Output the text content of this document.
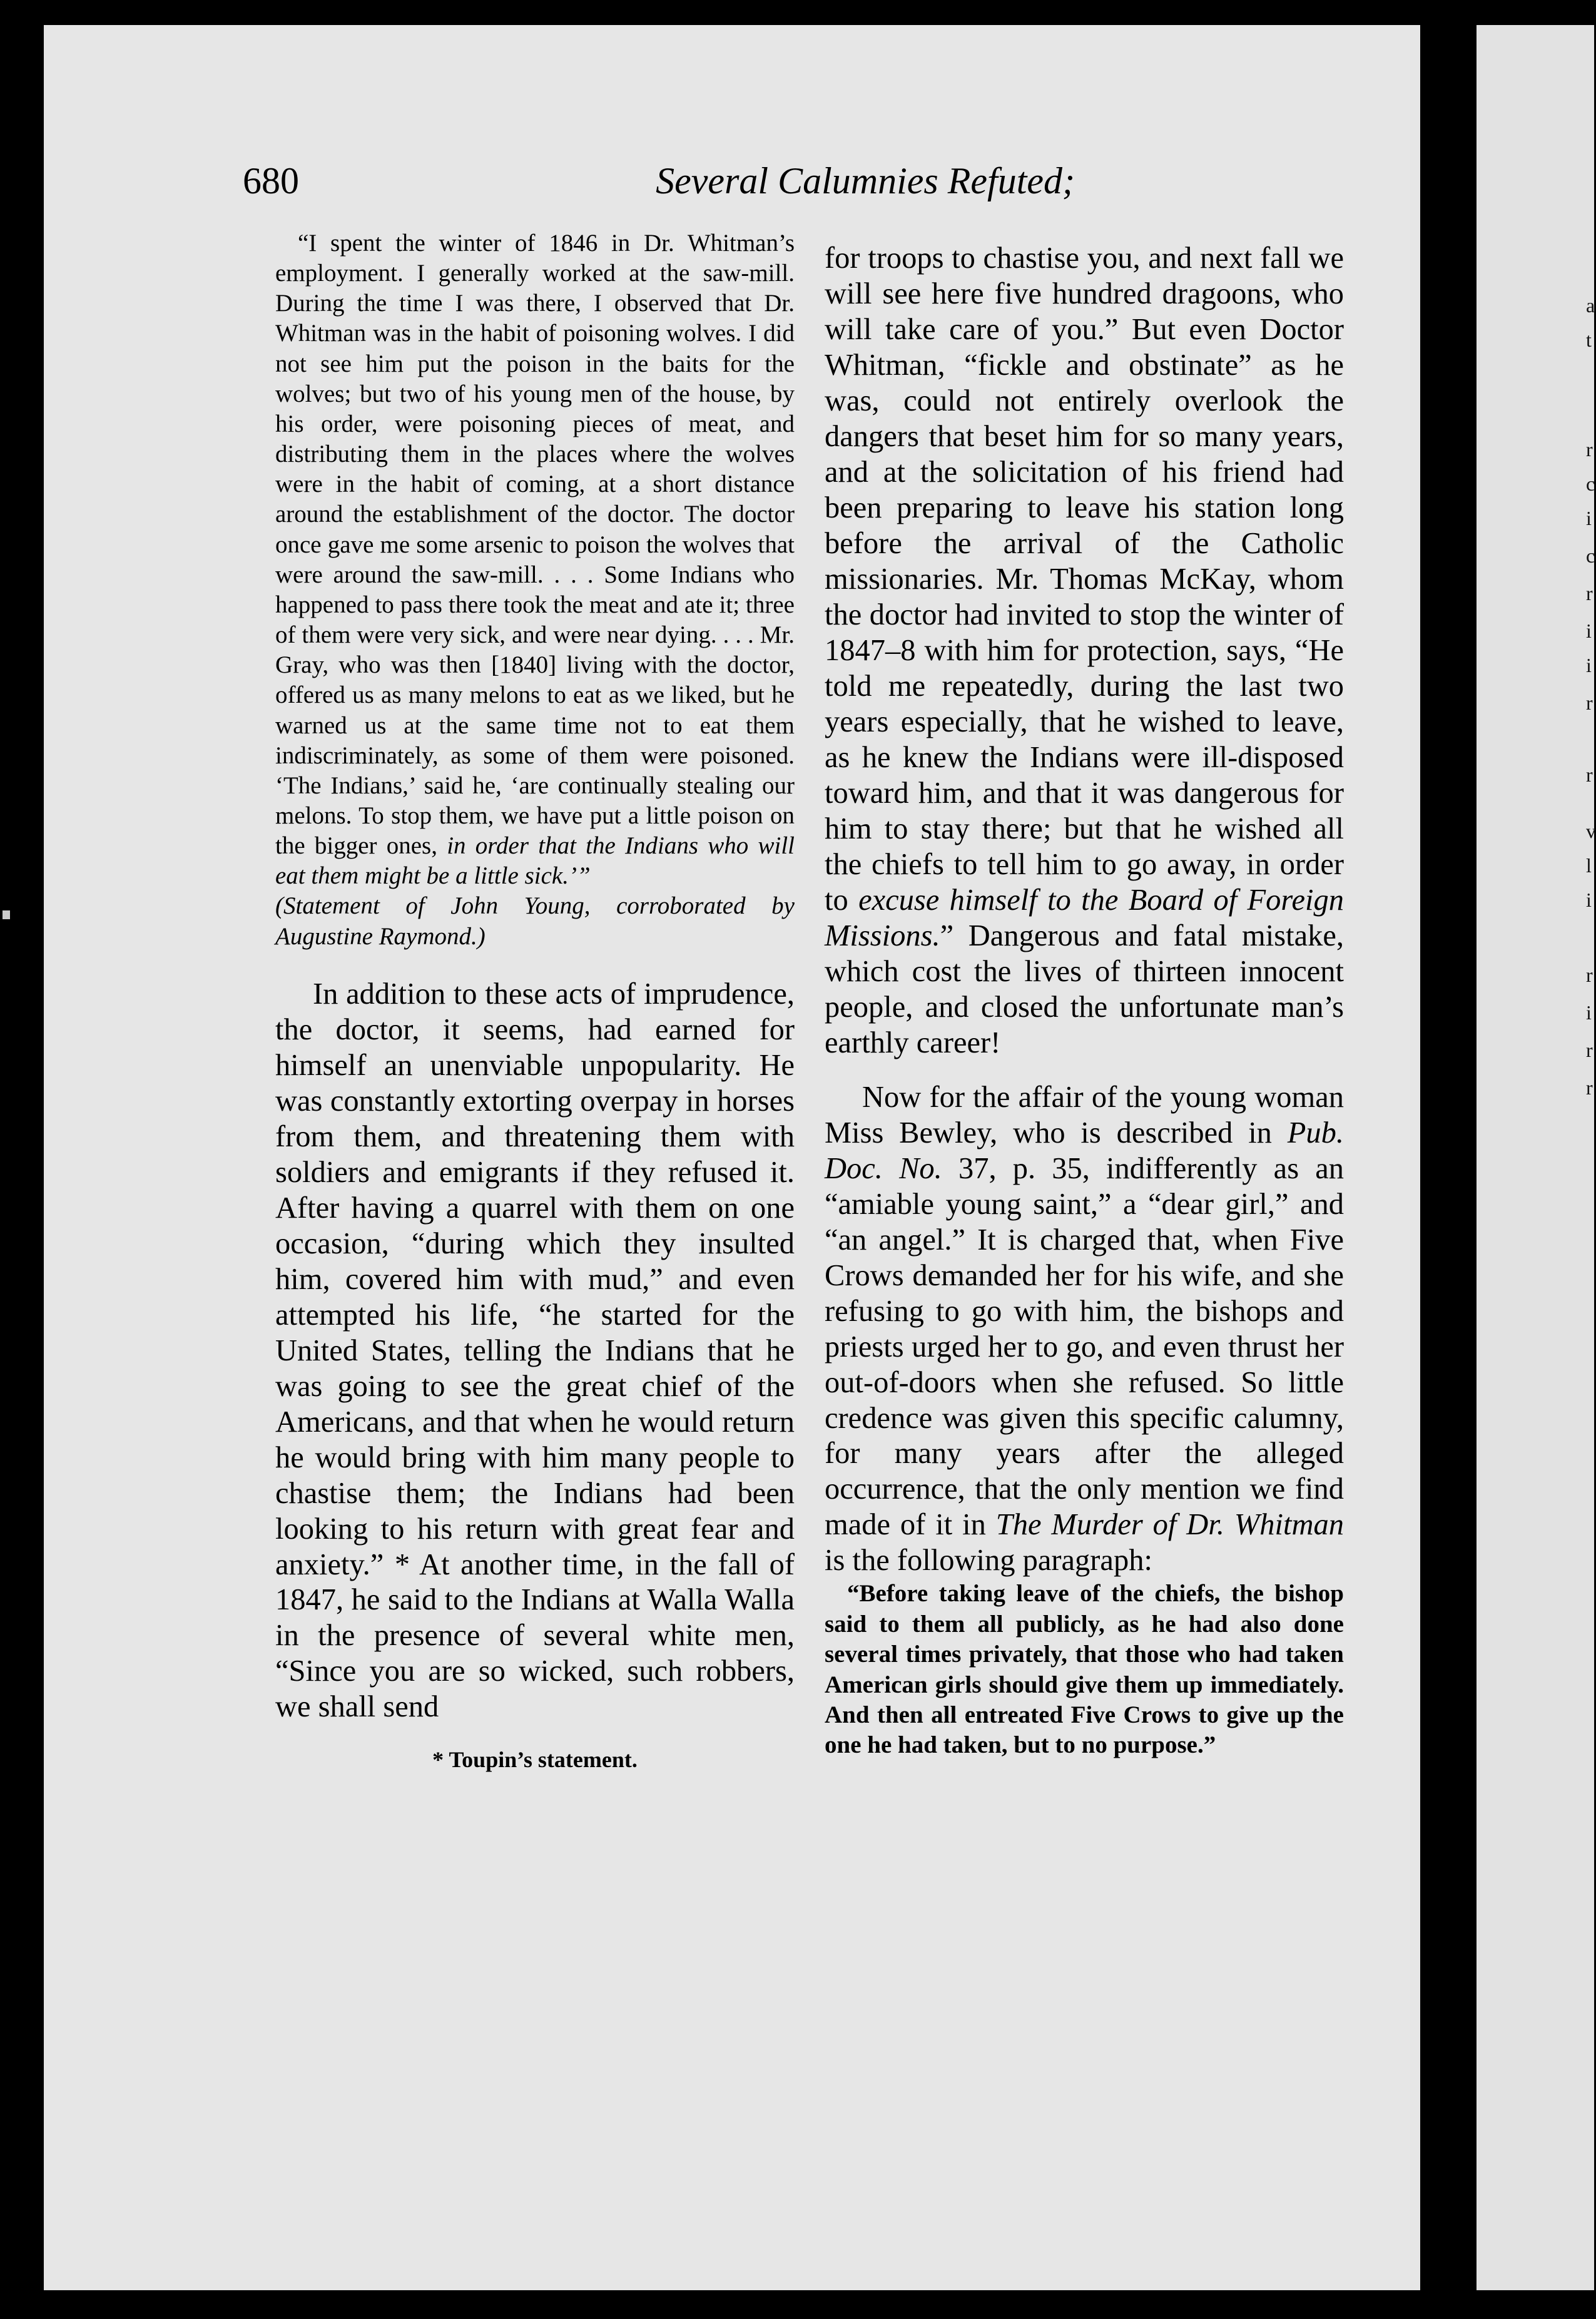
680	Several Calumnies Refuted;

“I spent the winter of 1846 in Dr. Whitman’s employment. I generally worked at the saw-mill. During the time I was there, I observed that Dr. Whitman was in the habit of poisoning wolves. I did not see him put the poison in the baits for the wolves; but two of his young men of the house, by his order, were poisoning pieces of meat, and distributing them in the places where the wolves were in the habit of coming, at a short distance around the establishment of the doctor. The doctor once gave me some arsenic to poison the wolves that were around the saw-mill. . . . Some Indians who happened to pass there took the meat and ate it; three of them were very sick, and were near dying. . . . Mr. Gray, who was then [1840] living with the doctor, offered us as many melons to eat as we liked, but he warned us at the same time not to eat them indiscriminately, as some of them were poisoned. ‘The Indians,’ said he, ‘are continually stealing our melons. To stop them, we have put a little poison on the bigger ones, in order that the Indians who will eat them might be a little sick.’”
(Statement of John Young, corroborated by Augustine Raymond.)

In addition to these acts of imprudence, the doctor, it seems, had earned for himself an unenviable unpopularity. He was constantly extorting overpay in horses from them, and threatening them with soldiers and emigrants if they refused it. After having a quarrel with them on one occasion, “during which they insulted him, covered him with mud,” and even attempted his life, “he started for the United States, telling the Indians that he was going to see the great chief of the Americans, and that when he would return he would bring with him many people to chastise them; the Indians had been looking to his return with great fear and anxiety.” * At another time, in the fall of 1847, he said to the Indians at Walla Walla in the presence of several white men, “Since you are so wicked, such robbers, we shall send

* Toupin’s statement.

for troops to chastise you, and next fall we will see here five hundred dragoons, who will take care of you.” But even Doctor Whitman, “fickle and obstinate” as he was, could not entirely overlook the dangers that beset him for so many years, and at the solicitation of his friend had been preparing to leave his station long before the arrival of the Catholic missionaries. Mr. Thomas McKay, whom the doctor had invited to stop the winter of 1847–8 with him for protection, says, “He told me repeatedly, during the last two years especially, that he wished to leave, as he knew the Indians were ill-disposed toward him, and that it was dangerous for him to stay there; but that he wished all the chiefs to tell him to go away, in order to excuse himself to the Board of Foreign Missions.” Dangerous and fatal mistake, which cost the lives of thirteen innocent people, and closed the unfortunate man’s earthly career!

Now for the affair of the young woman Miss Bewley, who is described in Pub. Doc. No. 37, p. 35, indifferently as an “amiable young saint,” a “dear girl,” and “an angel.” It is charged that, when Five Crows demanded her for his wife, and she refusing to go with him, the bishops and priests urged her to go, and even thrust her out-of-doors when she refused. So little credence was given this specific calumny, for many years after the alleged occurrence, that the only mention we find made of it in The Murder of Dr. Whitman is the following paragraph:

“Before taking leave of the chiefs, the bishop said to them all publicly, as he had also done several times privately, that those who had taken American girls should give them up immediately. And then all entreated Five Crows to give up the one he had taken, but to no purpose.”

a
t
r
c
i
c
r
i
i
r
r
v
l
i
r
i
r
r
